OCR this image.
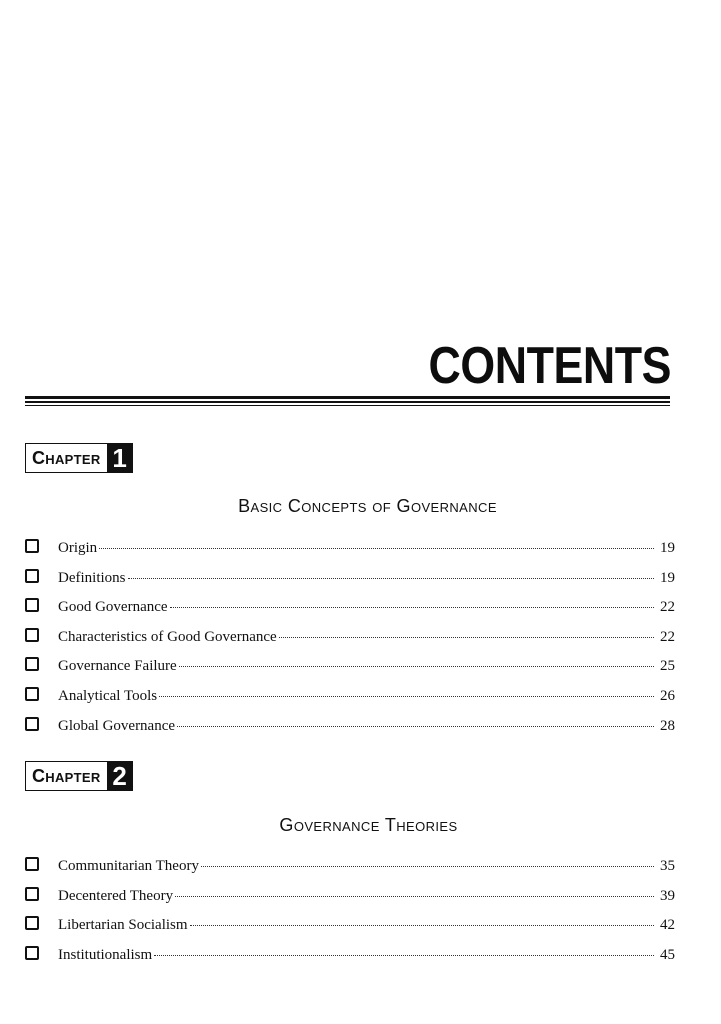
CONTENTS
Chapter 1
Basic Concepts of Governance
Origin	19
Definitions	19
Good Governance	22
Characteristics of Good Governance	22
Governance Failure	25
Analytical Tools	26
Global Governance	28
Chapter 2
Governance Theories
Communitarian Theory	35
Decentered Theory	39
Libertarian Socialism	42
Institutionalism	45
